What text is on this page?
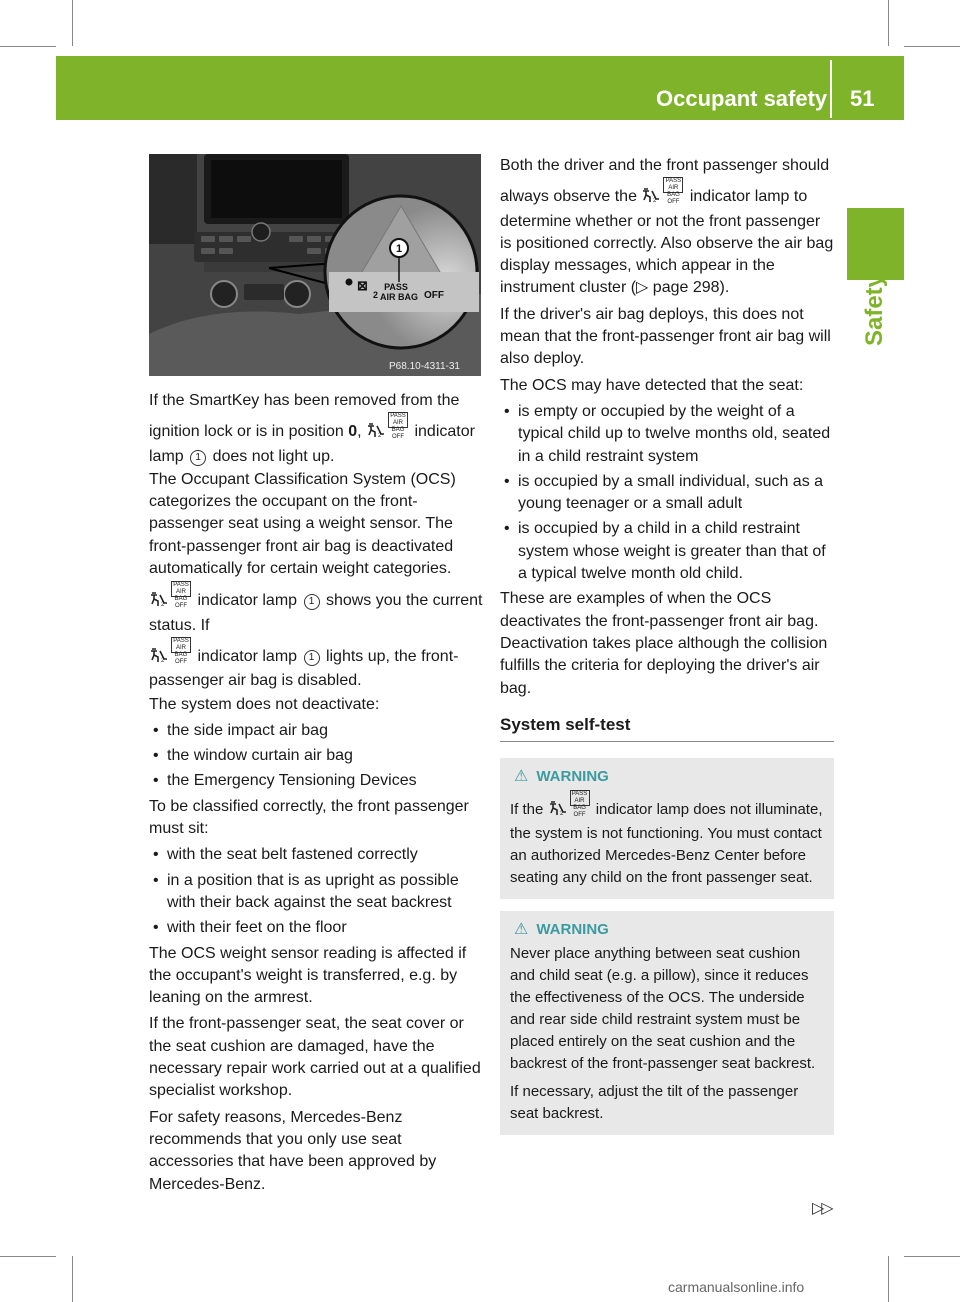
Occupant safety 51
Safety
1
⊠
2
PASS
AIR BAG OFF
P68.10-4311-31

If the SmartKey has been removed from the ignition lock or is in position 0,	2
PASS
AIR BAG OFF indicator lamp 1 does not light up.

The Occupant Classification System (OCS) categorizes the occupant on the front-passenger seat using a weight sensor. The front-passenger front air bag is deactivated automatically for certain weight categories.

2
PASS
AIR BAG OFF indicator lamp 1 shows you the current status. If

2
PASS
AIR BAG OFF indicator lamp 1 lights up, the front-passenger air bag is disabled.

The system does not deactivate:

• the side impact air bag

• the window curtain air bag

• the Emergency Tensioning Devices

To be classified correctly, the front passenger must sit:

• with the seat belt fastened correctly

• in a position that is as upright as possible with their back against the seat backrest

• with their feet on the floor

The OCS weight sensor reading is affected if the occupant's weight is transferred, e.g. by leaning on the armrest.

If the front-passenger seat, the seat cover or the seat cushion are damaged, have the necessary repair work carried out at a qualified specialist workshop.

For safety reasons, Mercedes-Benz recommends that you only use seat accessories that have been approved by Mercedes-Benz.

Both the driver and the front passenger should always observe the 2
PASS
AIR BAG OFF indicator lamp to determine whether or not the front passenger is positioned correctly. Also observe the air bag display messages, which appear in the instrument cluster (▷ page 298).

If the driver's air bag deploys, this does not mean that the front-passenger front air bag will also deploy.

The OCS may have detected that the seat:

• is empty or occupied by the weight of a typical child up to twelve months old, seated in a child restraint system

• is occupied by a small individual, such as a young teenager or a small adult

• is occupied by a child in a child restraint system whose weight is greater than that of a typical twelve month old child.

These are examples of when the OCS deactivates the front-passenger front air bag. Deactivation takes place although the collision fulfills the criteria for deploying the driver's air bag.

System self-test
⚠ WARNING
If the 2
PASS
AIR BAG OFF indicator lamp does not illuminate, the system is not functioning. You must contact an authorized Mercedes-Benz Center before seating any child on the front passenger seat.
⚠ WARNING
Never place anything between seat cushion and child seat (e.g. a pillow), since it reduces the effectiveness of the OCS. The underside and rear side child restraint system must be placed entirely on the seat cushion and the backrest of the front-passenger seat backrest.
If necessary, adjust the tilt of the passenger seat backrest.
▷▷
carmanualsonline.info
